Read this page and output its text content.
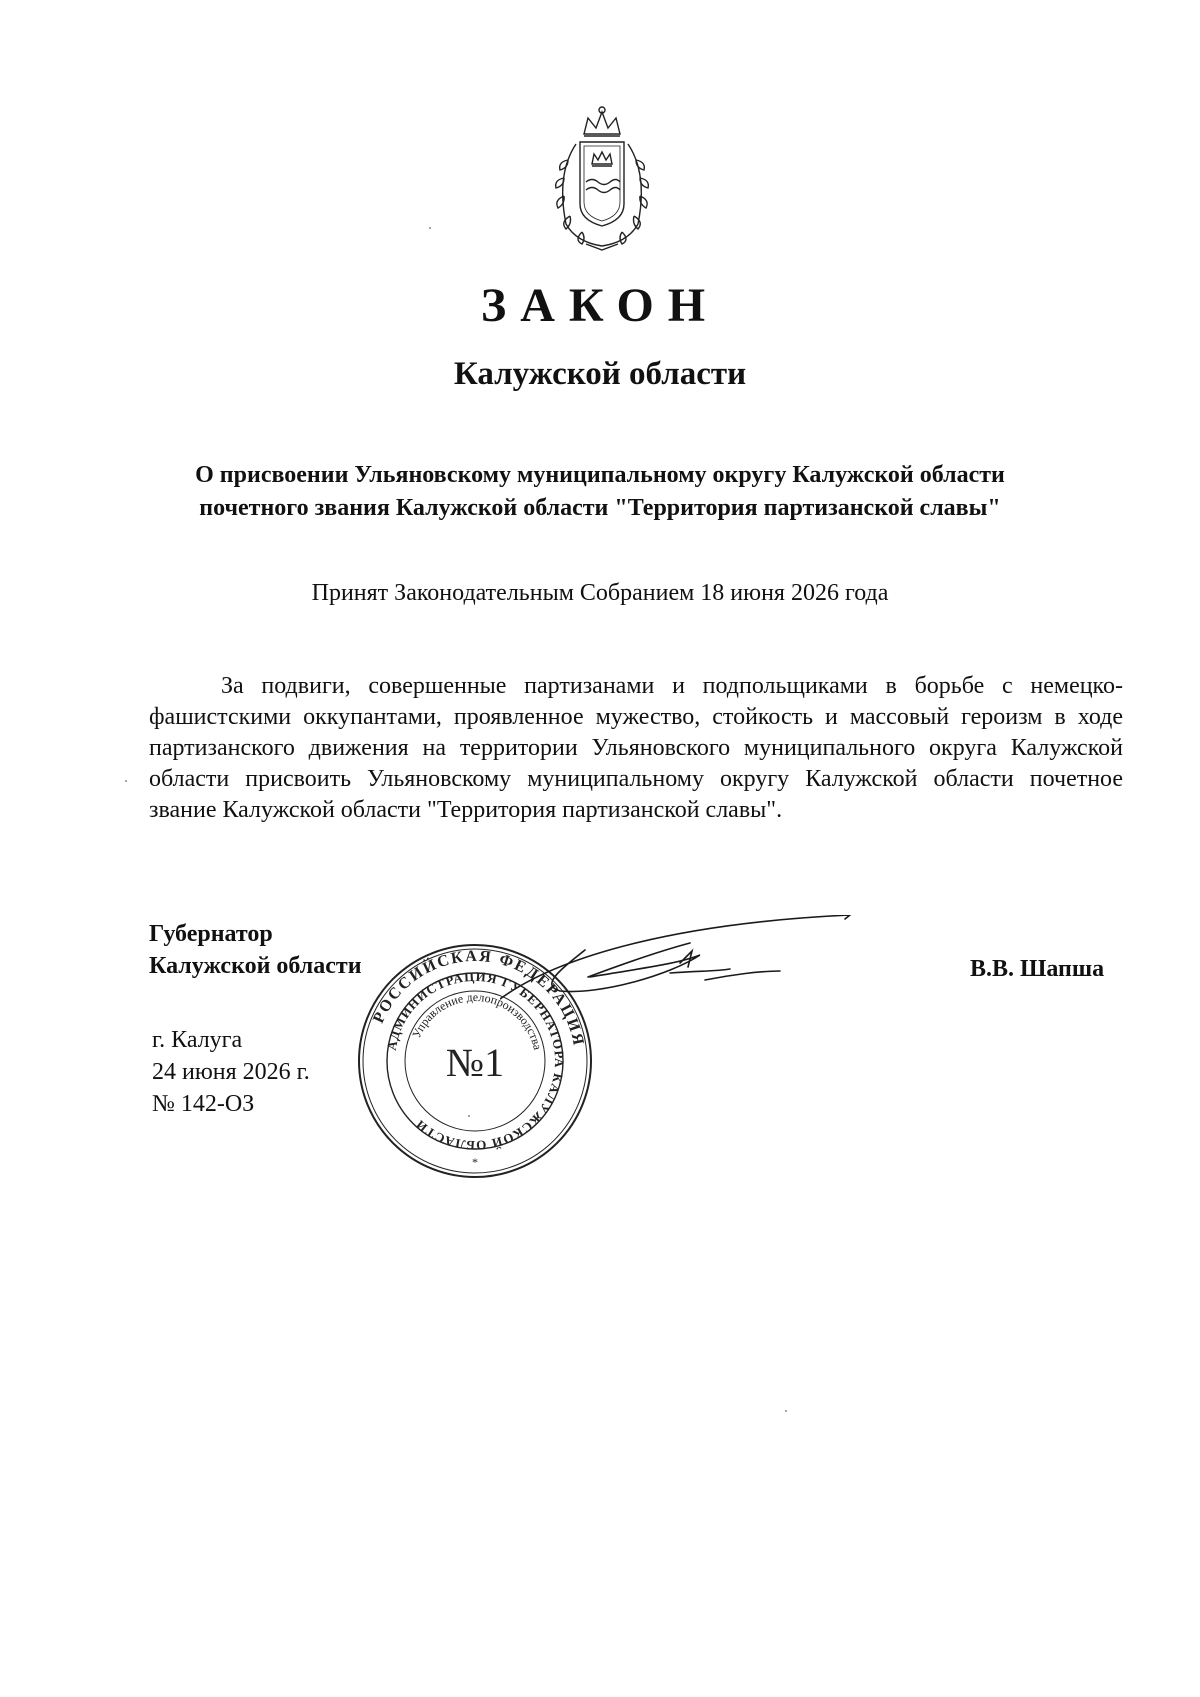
ЗАКОН
Калужской области
О присвоении Ульяновскому муниципальному округу Калужской области
почетного звания Калужской области "Территория партизанской славы"
Принят Законодательным Собранием 18 июня 2026 года

За подвиги, совершенные партизанами и подпольщиками в борьбе с немецко-фашистскими оккупантами, проявленное мужество, стойкость и массовый героизм в ходе партизанского движения на территории Ульяновского муниципального округа Калужской области присвоить Ульяновскому муниципальному округу Калужской области почетное звание Калужской области "Территория партизанской славы".

Губернатор
Калужской области	В.В. Шапша
г. Калуга
24 июня 2026 г.
№ 142-ОЗ
РОССИЙСКАЯ ФЕДЕРАЦИЯ
АДМИНИСТРАЦИЯ ГУБЕРНАТОРА КАЛУЖСКОЙ ОБЛАСТИ
Управление делопроизводства
№1
*
